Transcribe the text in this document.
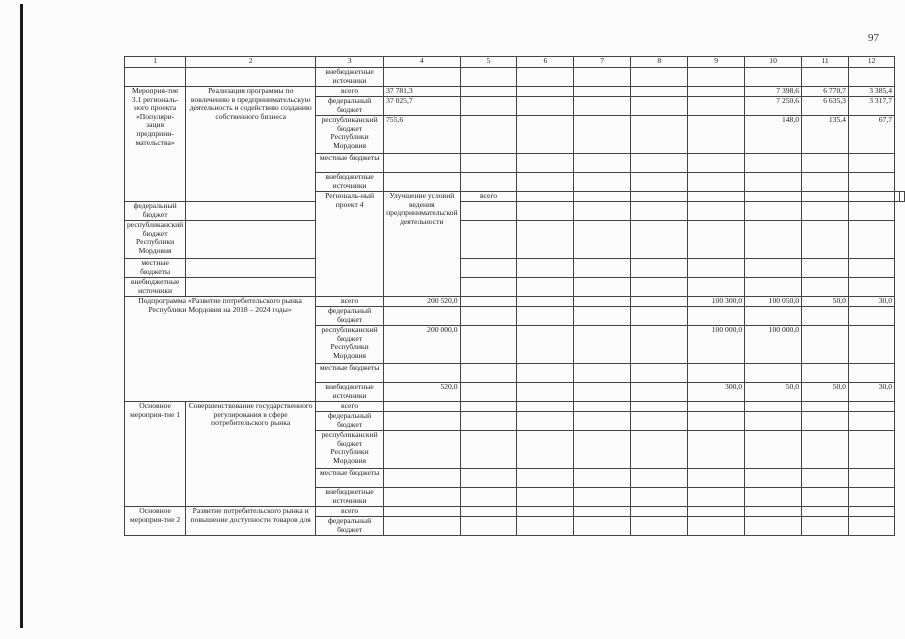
97
1	2	3	4	5	6	7	8	9	10	11	12		
		внебюджетные источники											
Мероприя-тие 3.1 региональ-ного проекта «Популяри-зация предприни-мательства»	Реализация программы по вовлечению в предпринимательскую деятельность и содействию созданию собственного бизнеса	всего	37 781,3						7 398,6	6 770,7	3 385,4		
		федеральный бюджет	37 025,7						7 250,6	6 635,3	3 317,7		
		республиканский бюджет Республики Мордовия	755,6						148,0	135,4	67,7		
		местные бюджеты											
		внебюджетные источники											
		Региональ-ный проект 4	Улучшение условий ведения предпринимательской деятельности	всего									
федеральный бюджет													
республиканский бюджет Республики Мордовия													
местные бюджеты													
внебюджетные источники													
Подпрограмма «Развитие потребительского рынка Республики Мордовия на 2018 – 2024 годы»		всего	200 520,0					100 300,0	100 050,0	50,0	30,0		
		федеральный бюджет											
		республиканский бюджет Республики Мордовия	200 000,0					100 000,0	100 000,0				
		местные бюджеты											
		внебюджетные источники	520,0					300,0	50,0	50,0	30,0		
Основное мероприя-тие 1	Совершенствование государственного регулирования в сфере потребительского рынка	всего											
		федеральный бюджет											
		республиканский бюджет Республики Мордовия											
		местные бюджеты											
		внебюджетные источники											
Основное мероприя-тие 2	Развитие потребительского рынка и повышение доступности товаров для	всего											
		федеральный бюджет											
